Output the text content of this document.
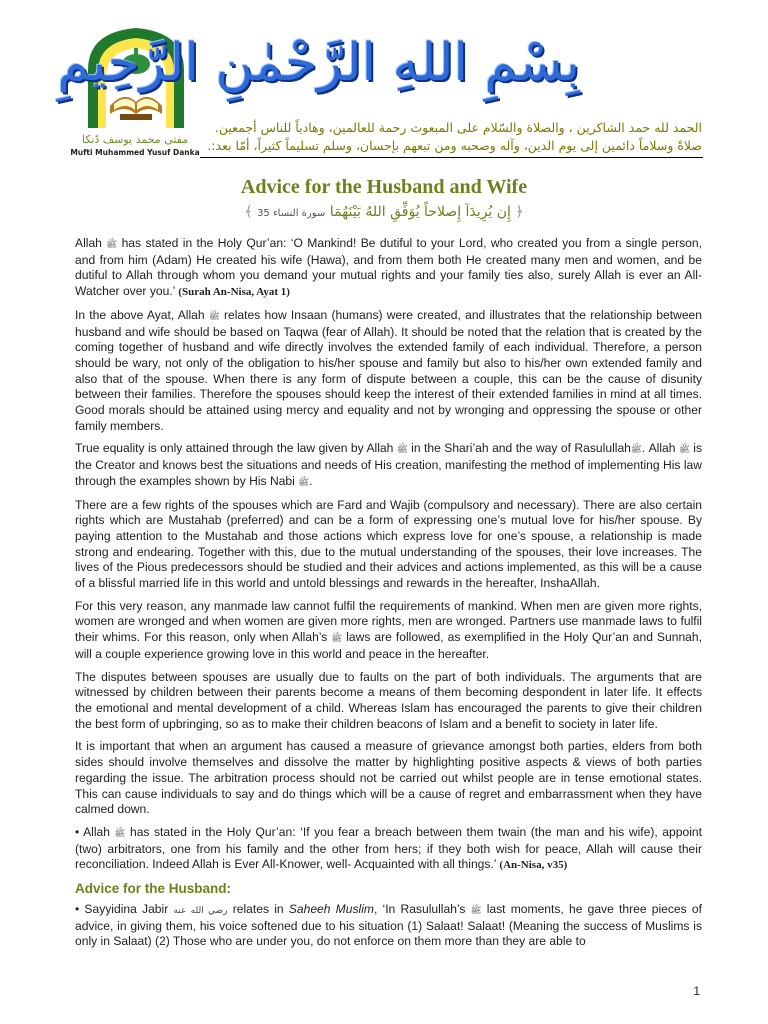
مفتى محمد يوسف ڈنکا
Mufti Muhammed Yusuf Danka
بِسْمِ اللهِ الرَّحْمٰنِ الرَّحِيمِ
الحمد لله حمد الشاكرين ، والصلاة والسّلام على المبعوث رحمة للعالمين، وهادياً للناس أجمعين.
صلاةً وسلاماً دائمين إلى يوم الدين، وآله وصحبه ومن تبعهم بإحسان، وسلم تسليماً كثيراً، أمّا بعد:.
Advice for the Husband and Wife
﴿ إِن يُرِيدَآ إِصلاحاً يُوَفِّقِ اللهُ بَيْنَهُمَا سورة النساء 35 ﴾

Allah ﷺ has stated in the Holy Qur’an: ‘O Mankind! Be dutiful to your Lord, who created you from a single person, and from him (Adam) He created his wife (Hawa), and from them both He created many men and women, and be dutiful to Allah through whom you demand your mutual rights and your family ties also, surely Allah is ever an All-Watcher over you.’ (Surah An-Nisa, Ayat 1)

In the above Ayat, Allah ﷺ relates how Insaan (humans) were created, and illustrates that the relationship between husband and wife should be based on Taqwa (fear of Allah). It should be noted that the relation that is created by the coming together of husband and wife directly involves the extended family of each individual. Therefore, a person should be wary, not only of the obligation to his/her spouse and family but also to his/her own extended family and also that of the spouse. When there is any form of dispute between a couple, this can be the cause of disunity between their families. Therefore the spouses should keep the interest of their extended families in mind at all times. Good morals should be attained using mercy and equality and not by wronging and oppressing the spouse or other family members.

True equality is only attained through the law given by Allah ﷺ in the Shari’ah and the way of Rasulullahﷺ. Allah ﷺ is the Creator and knows best the situations and needs of His creation, manifesting the method of implementing His law through the examples shown by His Nabi ﷺ.

There are a few rights of the spouses which are Fard and Wajib (compulsory and necessary). There are also certain rights which are Mustahab (preferred) and can be a form of expressing one’s mutual love for his/her spouse. By paying attention to the Mustahab and those actions which express love for one’s spouse, a relationship is made strong and endearing. Together with this, due to the mutual understanding of the spouses, their love increases. The lives of the Pious predecessors should be studied and their advices and actions implemented, as this will be a cause of a blissful married life in this world and untold blessings and rewards in the hereafter, InshaAllah.

For this very reason, any manmade law cannot fulfil the requirements of mankind. When men are given more rights, women are wronged and when women are given more rights, men are wronged. Partners use manmade laws to fulfil their whims. For this reason, only when Allah’s ﷺ laws are followed, as exemplified in the Holy Qur’an and Sunnah, will a couple experience growing love in this world and peace in the hereafter.

The disputes between spouses are usually due to faults on the part of both individuals. The arguments that are witnessed by children between their parents become a means of them becoming despondent in later life. It effects the emotional and mental development of a child. Whereas Islam has encouraged the parents to give their children the best form of upbringing, so as to make their children beacons of Islam and a benefit to society in later life.

It is important that when an argument has caused a measure of grievance amongst both parties, elders from both sides should involve themselves and dissolve the matter by highlighting positive aspects & views of both parties regarding the issue. The arbitration process should not be carried out whilst people are in tense emotional states. This can cause individuals to say and do things which will be a cause of regret and embarrassment when they have calmed down.

• Allah ﷺ has stated in the Holy Qur’an: ‘If you fear a breach between them twain (the man and his wife), appoint (two) arbitrators, one from his family and the other from hers; if they both wish for peace, Allah will cause their reconciliation. Indeed Allah is Ever All-Knower, well- Acquainted with all things.’ (An-Nisa, v35)

Advice for the Husband:

• Sayyidina Jabir رضي الله عنه relates in Saheeh Muslim, ‘In Rasulullah’s ﷺ last moments, he gave three pieces of advice, in giving them, his voice softened due to his situation (1) Salaat! Salaat! (Meaning the success of Muslims is only in Salaat) (2) Those who are under you, do not enforce on them more than they are able to

1
